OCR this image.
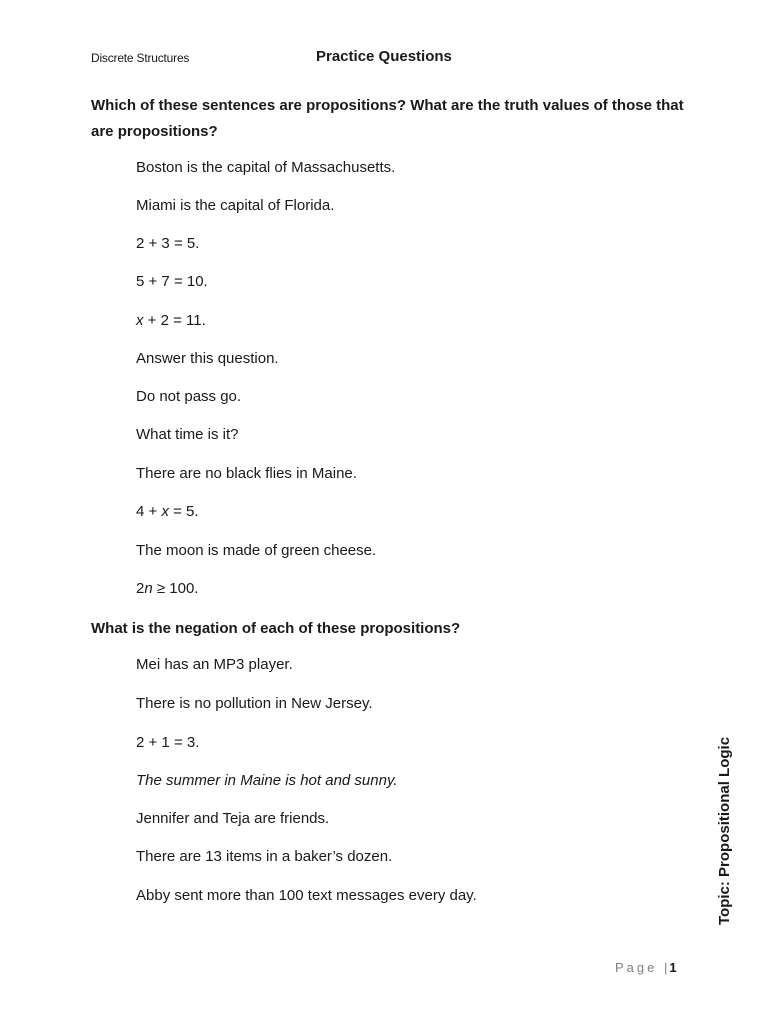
Discrete Structures	Practice Questions
Which of these sentences are propositions? What are the truth values of those that are propositions?
Boston is the capital of Massachusetts.
Miami is the capital of Florida.
2 + 3 = 5.
5 + 7 = 10.
x + 2 = 11.
Answer this question.
Do not pass go.
What time is it?
There are no black flies in Maine.
4 + x = 5.
The moon is made of green cheese.
2n ≥ 100.
What is the negation of each of these propositions?
Mei has an MP3 player.
There is no pollution in New Jersey.
2 + 1 = 3.
The summer in Maine is hot and sunny.
Jennifer and Teja are friends.
There are 13 items in a baker’s dozen.
Abby sent more than 100 text messages every day.	Topic: Propositional Logic
Page | 1
